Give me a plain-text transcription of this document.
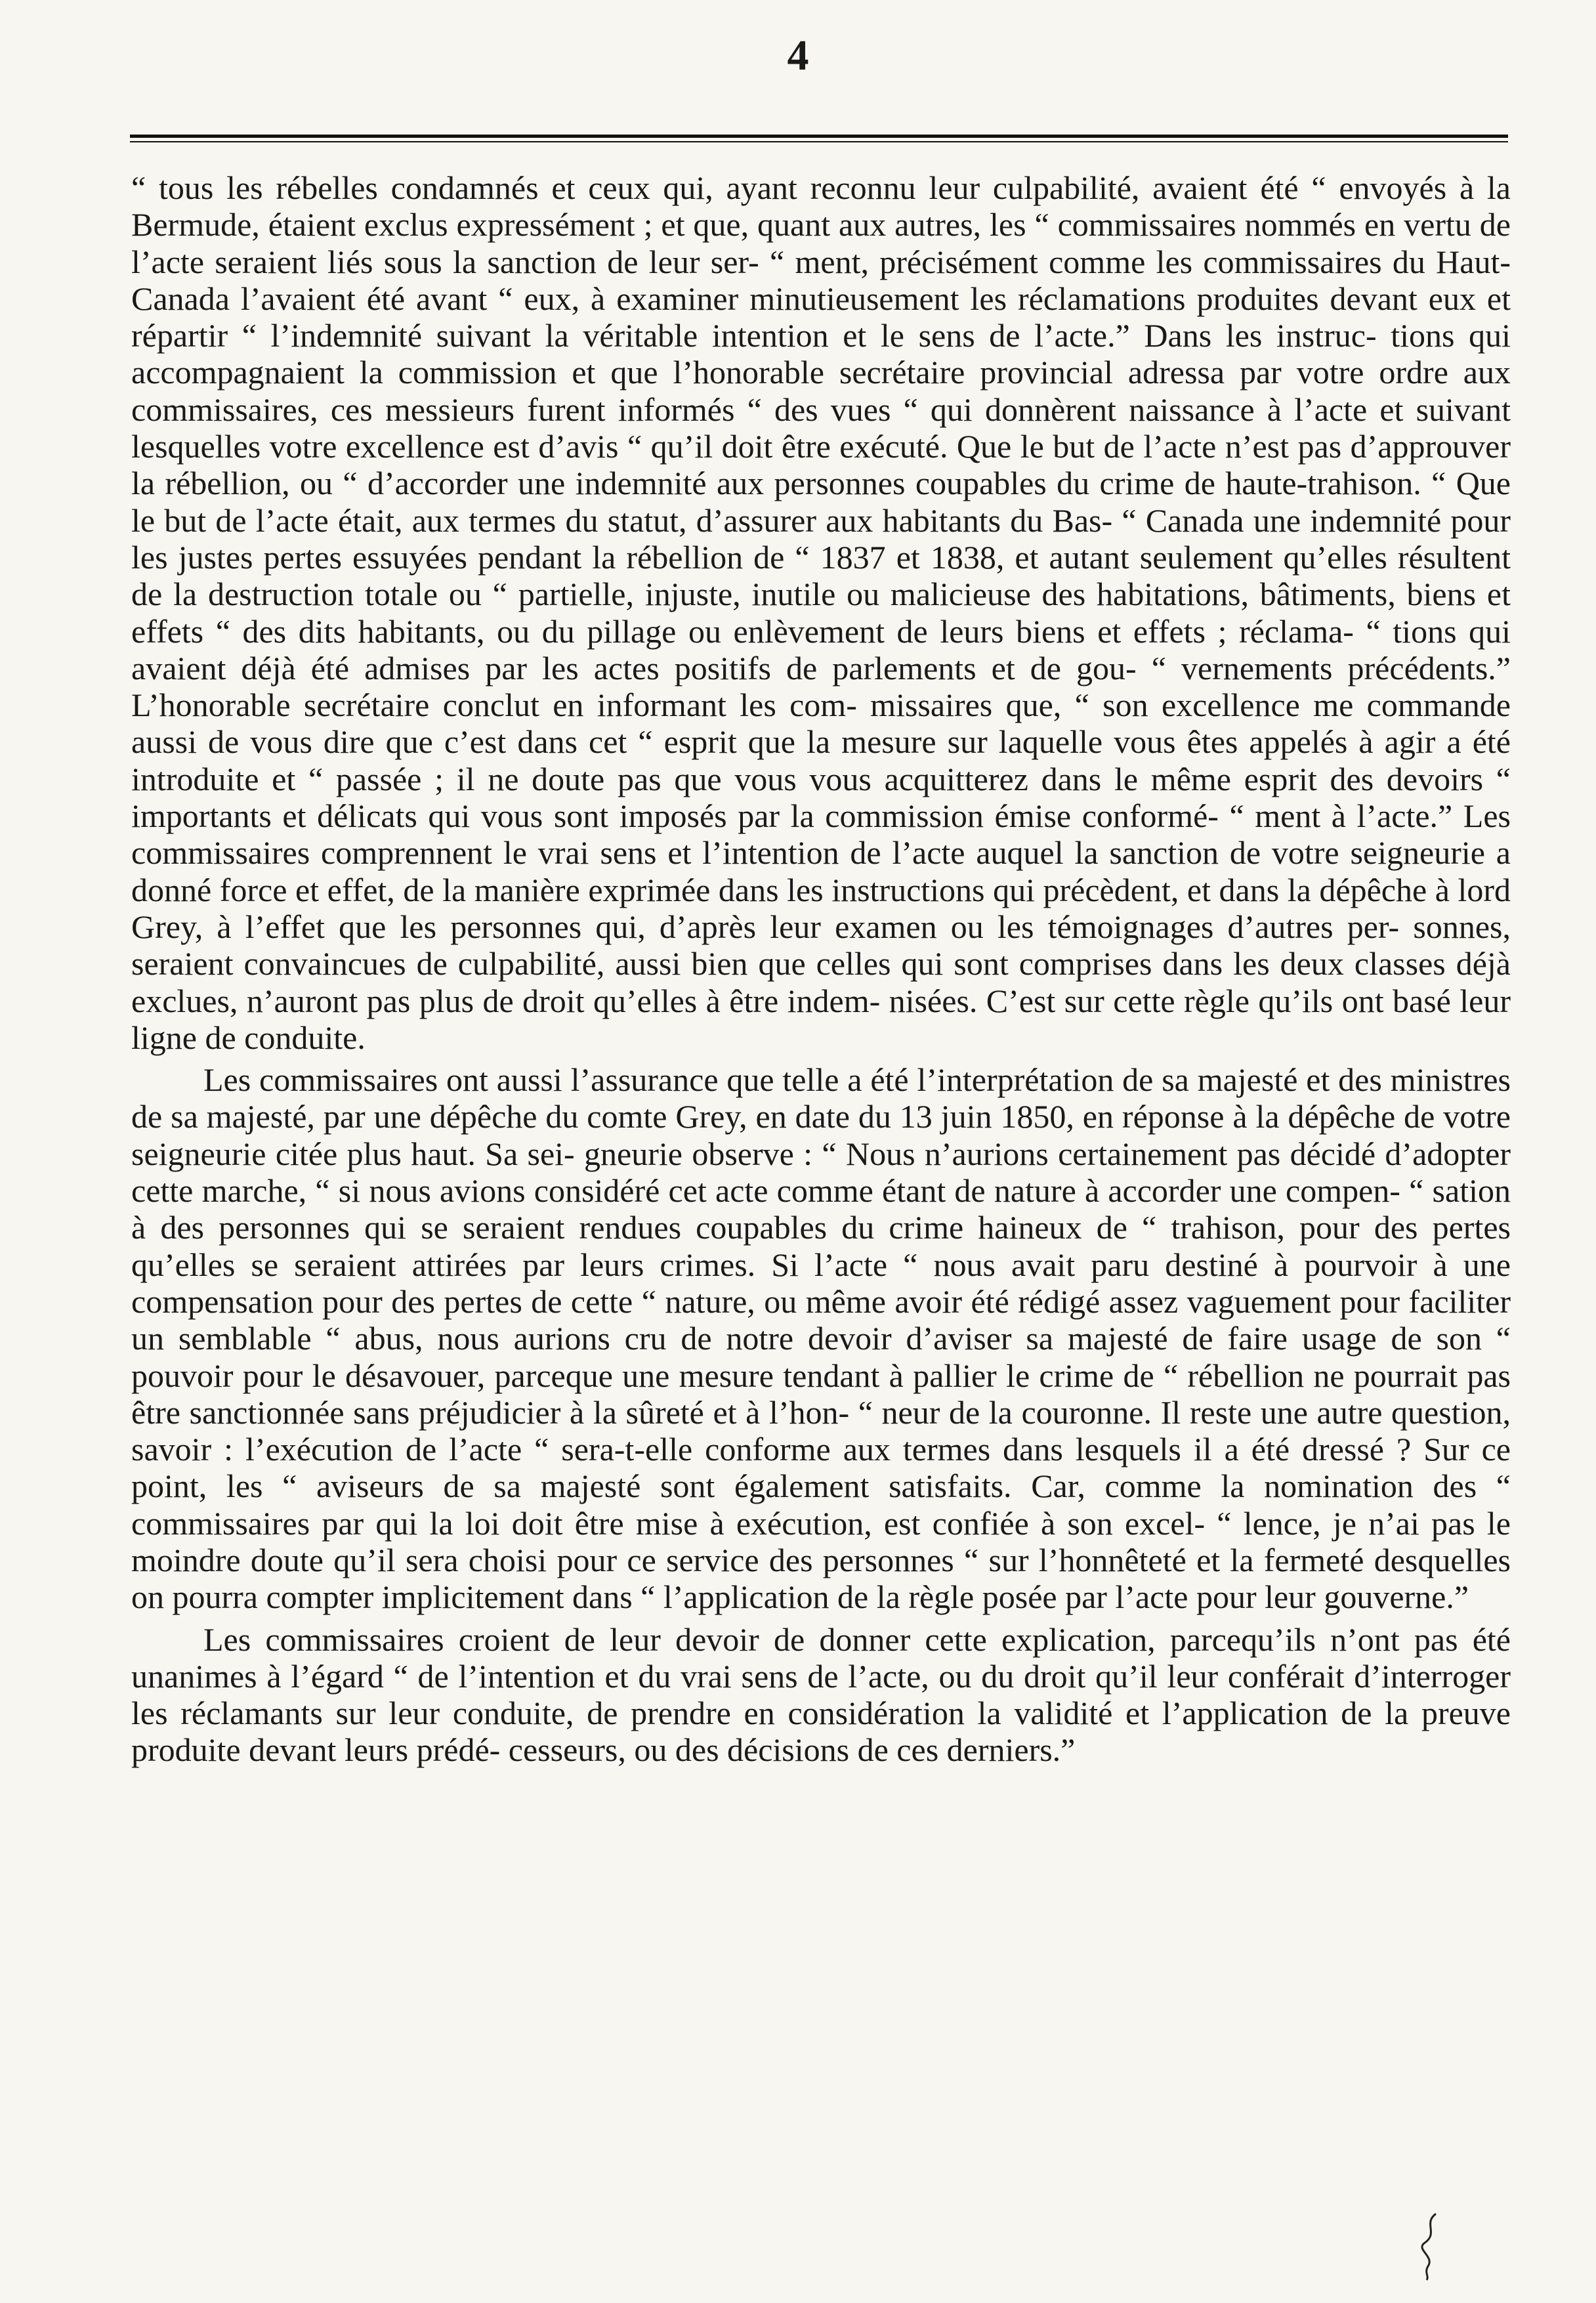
4

“ tous les rébelles condamnés et ceux qui, ayant reconnu leur culpabilité, avaient été “ envoyés à la Bermude, étaient exclus expressément ; et que, quant aux autres, les “ commissaires nommés en vertu de l’acte seraient liés sous la sanction de leur ser- “ ment, précisément comme les commissaires du Haut-Canada l’avaient été avant “ eux, à examiner minutieusement les réclamations produites devant eux et répartir “ l’indemnité suivant la véritable intention et le sens de l’acte.” Dans les instruc- tions qui accompagnaient la commission et que l’honorable secrétaire provincial adressa par votre ordre aux commissaires, ces messieurs furent informés “ des vues “ qui donnèrent naissance à l’acte et suivant lesquelles votre excellence est d’avis “ qu’il doit être exécuté. Que le but de l’acte n’est pas d’approuver la rébellion, ou “ d’accorder une indemnité aux personnes coupables du crime de haute-trahison. “ Que le but de l’acte était, aux termes du statut, d’assurer aux habitants du Bas- “ Canada une indemnité pour les justes pertes essuyées pendant la rébellion de “ 1837 et 1838, et autant seulement qu’elles résultent de la destruction totale ou “ partielle, injuste, inutile ou malicieuse des habitations, bâtiments, biens et effets “ des dits habitants, ou du pillage ou enlèvement de leurs biens et effets ; réclama- “ tions qui avaient déjà été admises par les actes positifs de parlements et de gou- “ vernements précédents.” L’honorable secrétaire conclut en informant les com- missaires que, “ son excellence me commande aussi de vous dire que c’est dans cet “ esprit que la mesure sur laquelle vous êtes appelés à agir a été introduite et “ passée ; il ne doute pas que vous vous acquitterez dans le même esprit des devoirs “ importants et délicats qui vous sont imposés par la commission émise conformé- “ ment à l’acte.” Les commissaires comprennent le vrai sens et l’intention de l’acte auquel la sanction de votre seigneurie a donné force et effet, de la manière exprimée dans les instructions qui précèdent, et dans la dépêche à lord Grey, à l’effet que les personnes qui, d’après leur examen ou les témoignages d’autres per- sonnes, seraient convaincues de culpabilité, aussi bien que celles qui sont comprises dans les deux classes déjà exclues, n’auront pas plus de droit qu’elles à être indem- nisées. C’est sur cette règle qu’ils ont basé leur ligne de conduite.

Les commissaires ont aussi l’assurance que telle a été l’interprétation de sa majesté et des ministres de sa majesté, par une dépêche du comte Grey, en date du 13 juin 1850, en réponse à la dépêche de votre seigneurie citée plus haut. Sa sei- gneurie observe : “ Nous n’aurions certainement pas décidé d’adopter cette marche, “ si nous avions considéré cet acte comme étant de nature à accorder une compen- “ sation à des personnes qui se seraient rendues coupables du crime haineux de “ trahison, pour des pertes qu’elles se seraient attirées par leurs crimes. Si l’acte “ nous avait paru destiné à pourvoir à une compensation pour des pertes de cette “ nature, ou même avoir été rédigé assez vaguement pour faciliter un semblable “ abus, nous aurions cru de notre devoir d’aviser sa majesté de faire usage de son “ pouvoir pour le désavouer, parceque une mesure tendant à pallier le crime de “ rébellion ne pourrait pas être sanctionnée sans préjudicier à la sûreté et à l’hon- “ neur de la couronne. Il reste une autre question, savoir : l’exécution de l’acte “ sera-t-elle conforme aux termes dans lesquels il a été dressé ? Sur ce point, les “ aviseurs de sa majesté sont également satisfaits. Car, comme la nomination des “ commissaires par qui la loi doit être mise à exécution, est confiée à son excel- “ lence, je n’ai pas le moindre doute qu’il sera choisi pour ce service des personnes “ sur l’honnêteté et la fermeté desquelles on pourra compter implicitement dans “ l’application de la règle posée par l’acte pour leur gouverne.”

Les commissaires croient de leur devoir de donner cette explication, parcequ’ils n’ont pas été unanimes à l’égard “ de l’intention et du vrai sens de l’acte, ou du droit qu’il leur conférait d’interroger les réclamants sur leur conduite, de prendre en considération la validité et l’application de la preuve produite devant leurs prédé- cesseurs, ou des décisions de ces derniers.”
